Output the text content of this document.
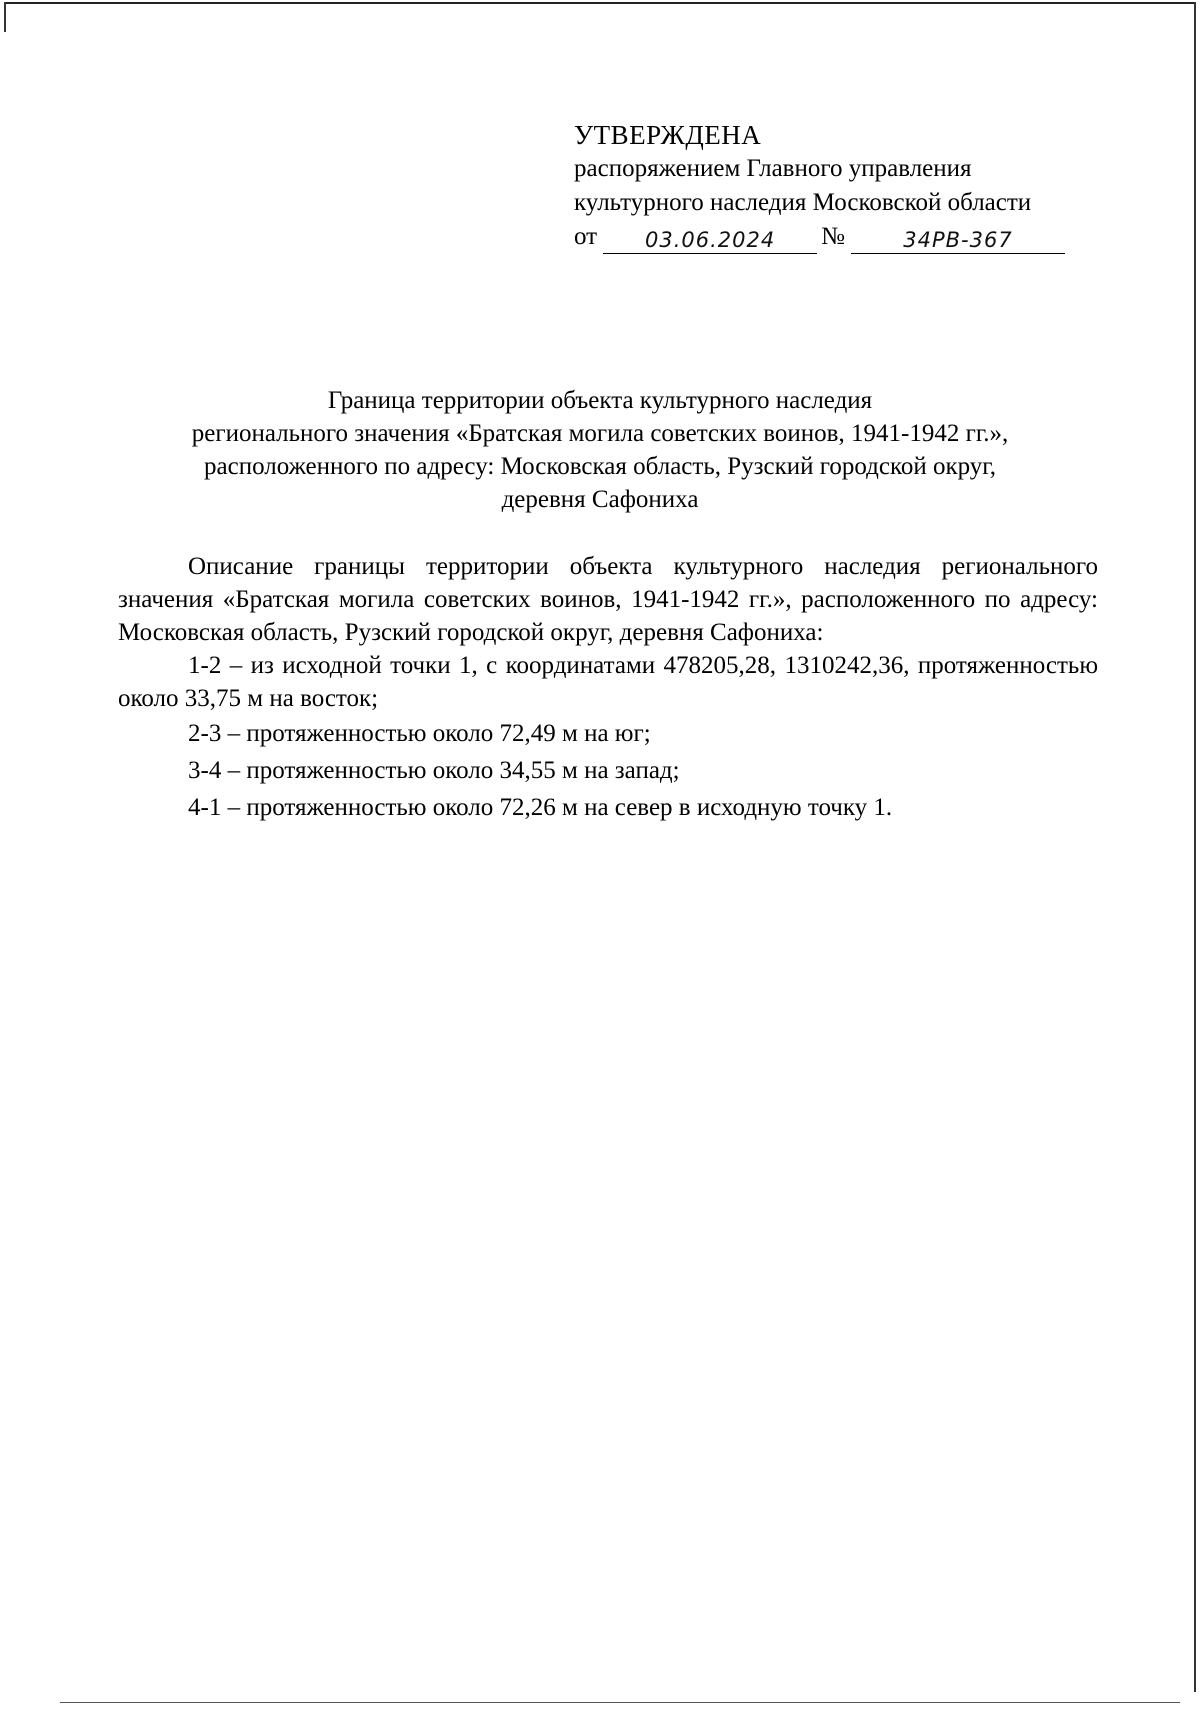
УТВЕРЖДЕНА
распоряжением Главного управления
культурного наследия Московской области
от	03.06.2024	№	34РВ-367
Граница территории объекта культурного наследия
регионального значения «Братская могила советских воинов, 1941-1942 гг.»,
расположенного по адресу: Московская область, Рузский городской округ,
деревня Сафониха

Описание границы территории объекта культурного наследия регионального значения «Братская могила советских воинов, 1941-1942 гг.», расположенного по адресу: Московская область, Рузский городской округ, деревня Сафониха:

1-2 – из исходной точки 1, с координатами 478205,28, 1310242,36, протяженностью около 33,75 м на восток;

2-3 – протяженностью около 72,49 м на юг;

3-4 – протяженностью около 34,55 м на запад;

4-1 – протяженностью около 72,26 м на север в исходную точку 1.
